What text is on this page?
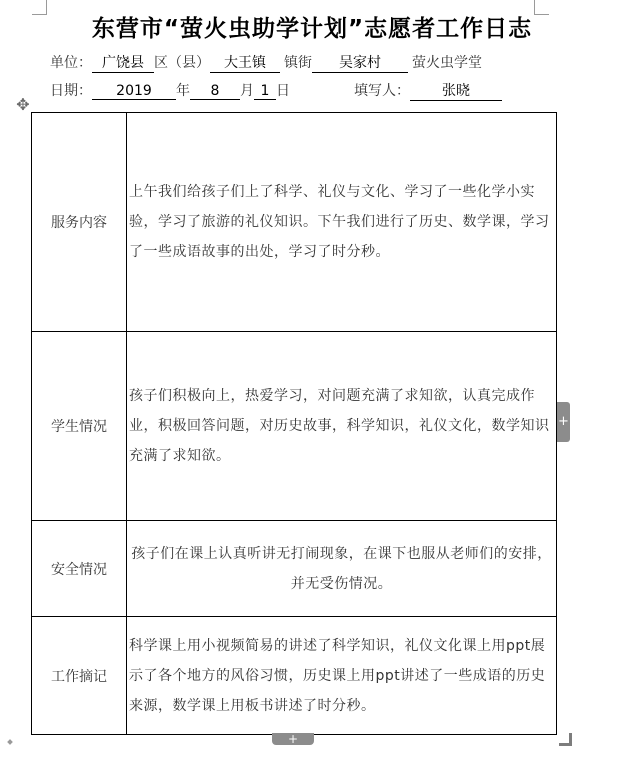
东营市“萤火虫助学计划”志愿者工作日志
单位： 广饶县 区（县） 大王镇 镇街 吴家村 萤火虫学堂
日期： 2019 年 8 月 1 日	填写人： 张晓
✥
服务内容	上午我们给孩子们上了科学、礼仪与文化、学习了一些化学小实验，学习了旅游的礼仪知识。下午我们进行了历史、数学课，学习了一些成语故事的出处，学习了时分秒。
学生情况	孩子们积极向上，热爱学习，对问题充满了求知欲，认真完成作业，积极回答问题，对历史故事，科学知识，礼仪文化，数学知识充满了求知欲。
安全情况	孩子们在课上认真听讲无打闹现象，在课下也服从老师们的安排，并无受伤情况。
工作摘记	科学课上用小视频简易的讲述了科学知识，礼仪文化课上用ppt展示了各个地方的风俗习惯，历史课上用ppt讲述了一些成语的历史来源，数学课上用板书讲述了时分秒。
+
+
